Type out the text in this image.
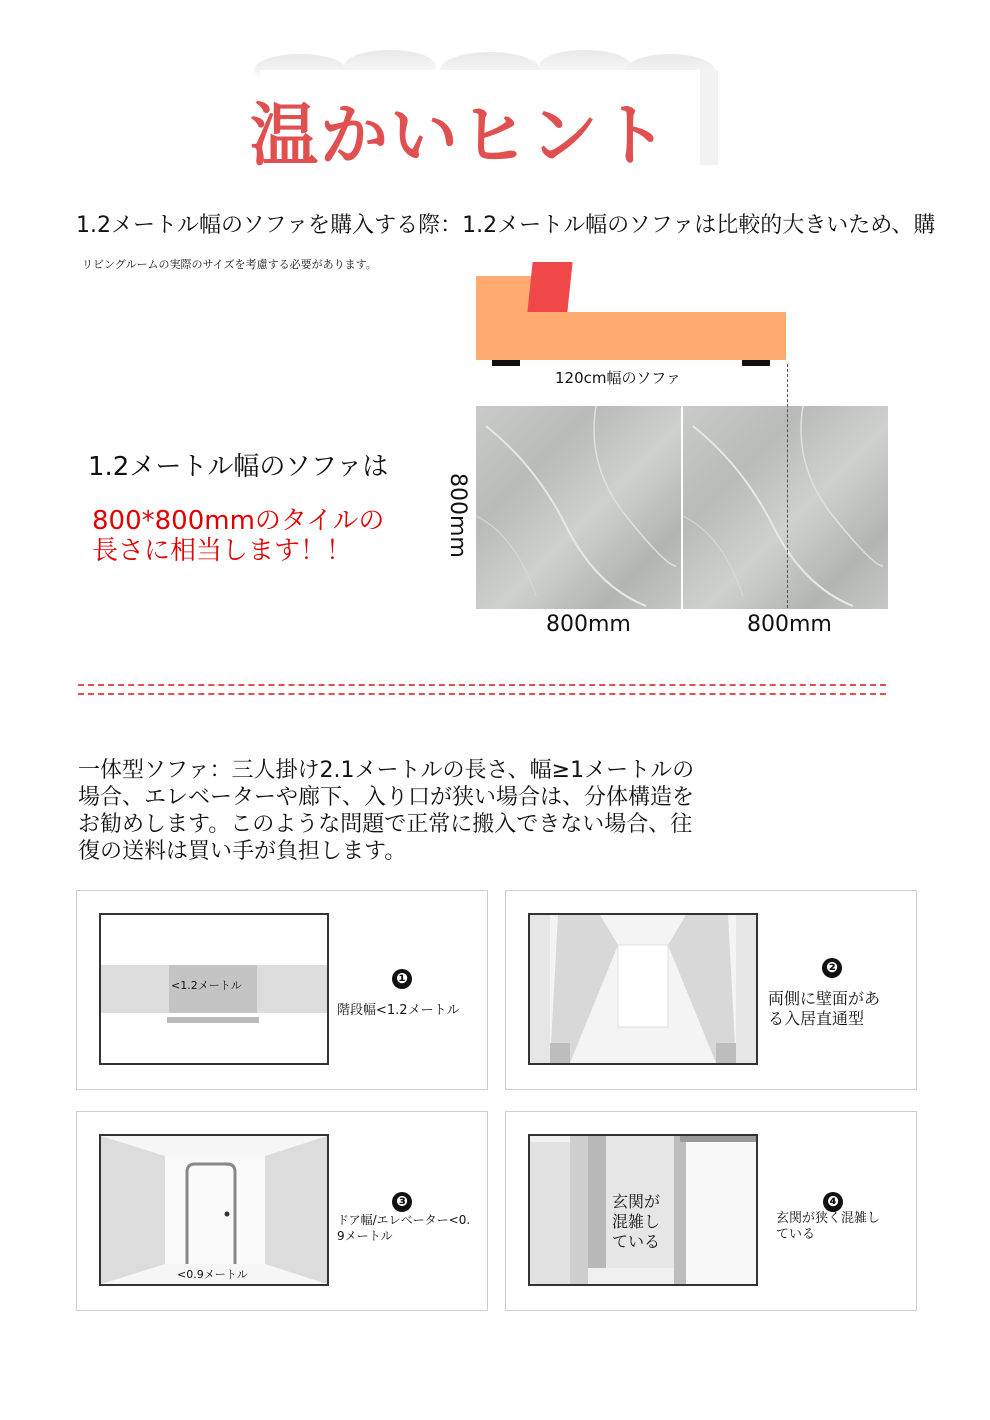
温かいヒント
1.2メートル幅のソファを購入する際：1.2メートル幅のソファは比較的大きいため、購
リビングルームの実際のサイズを考慮する必要があります。
120cm幅のソファ
800mm	800mm
800mm
1.2メートル幅のソファは
800*800mmのタイルの
長さに相当します！！
一体型ソファ：三人掛け2.1メートルの長さ、幅≥1メートルの
場合、エレベーターや廊下、入り口が狭い場合は、分体構造を
お勧めします。このような問題で正常に搬入できない場合、往
復の送料は買い手が負担します。
<1.2メートル	❶
階段幅<1.2メートル
❷
両側に壁面があ
る入居直通型
<0.9メートル
❸
ドア幅/エレベーター<0.
9メートル
玄関が
混雑し
ている
❹
玄関が狭く混雑し
ている
